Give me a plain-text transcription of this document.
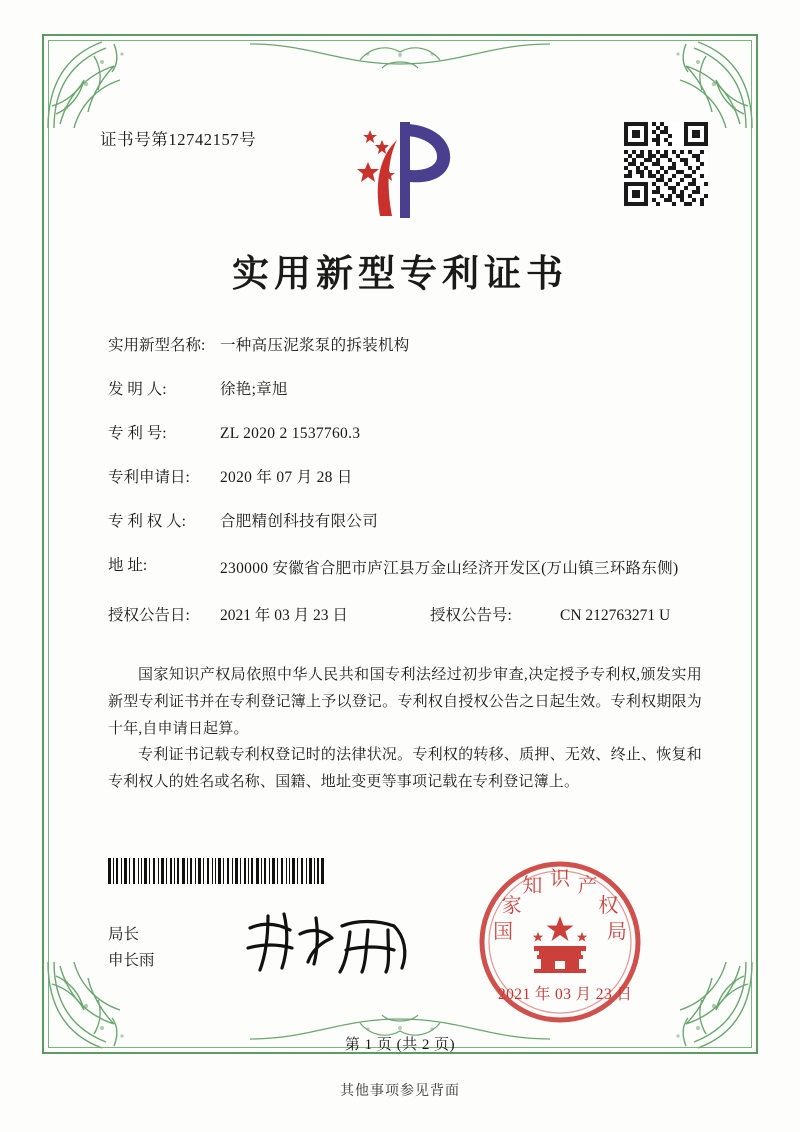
证书号第12742157号
实用新型专利证书
实用新型名称: 一种高压泥浆泵的拆装机构
发 明 人:	徐艳;章旭
专 利 号:	ZL 2020 2 1537760.3
专利申请日:	2020 年 07 月 28 日
专 利 权 人:	合肥精创科技有限公司
地 址:	230000 安徽省合肥市庐江县万金山经济开发区(万山镇三环路东侧)
授权公告日:	2021 年 03 月 23 日	授权公告号:	CN 212763271 U
国家知识产权局依照中华人民共和国专利法经过初步审查,决定授予专利权,颁发实用新型专利证书并在专利登记簿上予以登记。专利权自授权公告之日起生效。专利权期限为十年,自申请日起算。
专利证书记载专利权登记时的法律状况。专利权的转移、质押、无效、终止、恢复和专利权人的姓名或名称、国籍、地址变更等事项记载在专利登记簿上。
局长
申长雨
国
家
知 识 产
权
局
2021 年 03 月 23 日
第 1 页 (共 2 页)
其他事项参见背面
